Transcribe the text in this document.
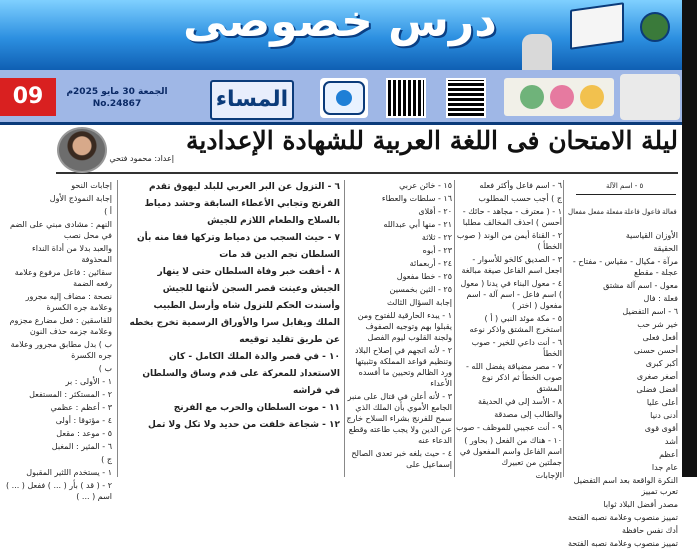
درس خصوصى
09	الجمعة 30 مايو 2025م
No.24867	المساء
ليلة الامتحان فى اللغة العربية للشهادة الإعدادية
إعداد: محمود فتحي
٥ - اسم الآلة
فعالة
فاعول
فاعلة
مفعلة
مفعل
مفعال

الأوزان القياسية

الحقيقة

مرآة - مكيال - مقياس - مفتاح - عجلة - مقطع

معول - اسم آلة مشتق

فعلة : فال

٦ - اسم التفضيل

خير شر حب

أفعل فعلى

أحسن حسنى

أكبر كبرى

أصغر صغرى

أفضل فضلى

أعلى عليا

أدنى دنيا

أقوى قوى

أشد

أعظم

عام جدا

النكرة الواقعة بعد اسم التفضيل تعرب تمييز

مصدر أفضل البلاد ثوابا

تمييز منصوب وعلامة نصبه الفتحة

أدك نفس حافظة

تمييز منصوب وعلامة نصبه الفتحة

٦ - اسم فاعل وأكثر فعله

ج ) أجب حسب المطلوب

١ - ( معترف - مجاهد - حائك - أحسن ) احذف المخالف مطلبا

٢ - القناة أيمن من الوند ( صوب الخطأ )

٣ - الصديق كالخو للأسوار - اجعل اسم الفاعل صيغة مبالغة

٤ - معول البناء في يدنا ( معول ) اسم فاعل - اسم آلة - اسم مفعول ( اختر )

٥ - مكة موئد النبي ( أ ) استخرج المشتق واذكر نوعه

٦ - أنت داعي للخير - صوب الخطأ

٧ - مصر مضياقة يفضل الله - صوب الخطأ ثم اذكر نوع المشتق

٨ - الأسد إلى في الحديقة

والطالب إلى مصدقة

٩ - أنت عجيبي للموظف - صوب

١٠ - هناك من الفعل ( بحاور ) اسم الفاعل واسم المفعول في جملتين من تعبيرك

الإجابات

١٥ - خائن عربي

١٦ - سلطات والعطاء

٢٠ - أقلاى

٢١ - منها أبي عبدالله

٢٢ - ثلاثة

٢٣ - أبوه

٢٤ - أربعمائة

٢٥ - خطا مفعول

٢٥ - الثين بخمسين

إجابة السؤال الثالث

١ - يبدء الحارقية للفتوح ومن يقبلوا بهم وتوجيه الصفوف ولجنة القلوب ليوم الفصل

٢ - لأنه اتجهم في إصلاح البلاد وتنظيم قواعد المملكة وتثبيتها ورد الظالم وتحيين ما أفسده الأعداء

٣ - لأنه أعلن في قتال على منبر الجامع الأموي بأن الملك الذي سمح للفرنج بشراء السلاح خارج عن الدين ولا يجب طاعته وقطع الدعاء عنه

٤ - حيث بلغه خبر تعدى الصالح إسماعيل على

٦ - التزول عن البر العربي للبلد ليهوق تقدم

الفرنج وتجابي الأعطاء السابقة وحشد دمياط

بالسلاح والطعام اللازم للجيش

٧ - حيث السجب من دمياط وتركها ففا منه بأن

السلطان نجم الدين قد مات

٨ - أخفت خبر وفاة السلطان حتى لا ينهار

الجيش وعينت قصر السجن لأنتها للجيش

وأسندت الحكم للنزول شاه وأرسل الطبيب

الملك ويقابل سرا والأوراق الرسمية تخرج بخطه

عن طريق تقليد توقيعه

١٠ - في قصر والدة الملك الكامل - كان

الاستعداد للمعركة على قدم وساق والسلطان

في فراشه

١١ - موت السلطان والحرب مع الفرنج

١٢ - شجاعة خلفت من حديد ولا تكل ولا تمل

إجابات النحو

إجابة النموذج الأول

أ )

النهم : مشادى مبني على الضم في محل نصب

والعبد بدلا من أداة النداء المحذوفة

سقائين : فاعل مرفوع وعلامة رفعه الضمة

نصحة : مضاف إليه مجرور وعلامة جره الكسرة

للفاسقين : فعل مضارع مجزوم وعلامة جزمه حذف النون

ب ) بدل مطابق مجرور وعلامة جره الكسرة

ب )

١ - الأولى : بر

٢ - المستكثر : المستفعل

٣ - أعظم : عظمي

٤ - مؤتوقا : أولى

٥ - موعد : مقعل

٦ - المثير : المغبل

ج )

١ - يستخدم اللثير المقبول

٢ - ( قد ) بأر ( ... ) ففعل ( ... ) اسم ( ... )
